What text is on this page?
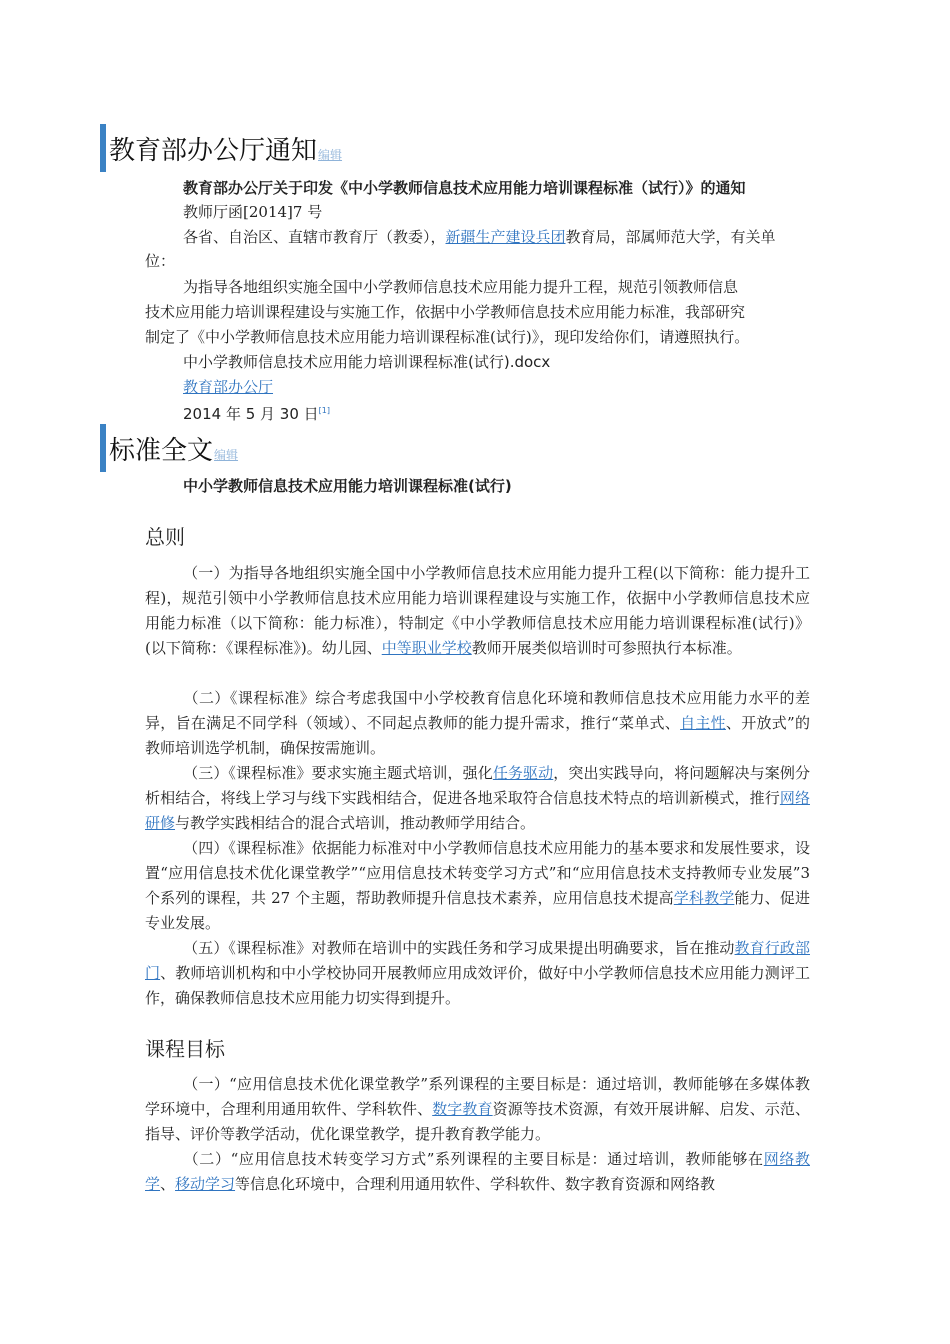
教育部办公厅通知 编辑
教育部办公厅关于印发《中小学教师信息技术应用能力培训课程标准（试行）》的通知
教师厅函[2014]7 号
各省、自治区、直辖市教育厅（教委），新疆生产建设兵团教育局，部属师范大学，有关单
位：
为指导各地组织实施全国中小学教师信息技术应用能力提升工程，规范引领教师信息
技术应用能力培训课程建设与实施工作，依据中小学教师信息技术应用能力标准，我部研究
制定了《中小学教师信息技术应用能力培训课程标准(试行)》，现印发给你们，请遵照执行。
中小学教师信息技术应用能力培训课程标准(试行).docx
教育部办公厅
2014 年 5 月 30 日[1]
标准全文 编辑
中小学教师信息技术应用能力培训课程标准(试行)
总则
（一）为指导各地组织实施全国中小学教师信息技术应用能力提升工程(以下简称：能力提升工程)，规范引领中小学教师信息技术应用能力培训课程建设与实施工作，依据中小学教师信息技术应用能力标准（以下简称：能力标准），特制定《中小学教师信息技术应用能力培训课程标准(试行)》(以下简称：《课程标准》)。幼儿园、中等职业学校教师开展类似培训时可参照执行本标准。
（二）《课程标准》综合考虑我国中小学校教育信息化环境和教师信息技术应用能力水平的差异，旨在满足不同学科（领域）、不同起点教师的能力提升需求，推行“菜单式、自主性、开放式”的教师培训选学机制，确保按需施训。
（三）《课程标准》要求实施主题式培训，强化任务驱动，突出实践导向，将问题解决与案例分析相结合，将线上学习与线下实践相结合，促进各地采取符合信息技术特点的培训新模式，推行网络研修与教学实践相结合的混合式培训，推动教师学用结合。
（四）《课程标准》依据能力标准对中小学教师信息技术应用能力的基本要求和发展性要求，设置“应用信息技术优化课堂教学”“应用信息技术转变学习方式”和“应用信息技术支持教师专业发展”3 个系列的课程，共 27 个主题，帮助教师提升信息技术素养，应用信息技术提高学科教学能力、促进专业发展。
（五）《课程标准》对教师在培训中的实践任务和学习成果提出明确要求，旨在推动教育行政部门、教师培训机构和中小学校协同开展教师应用成效评价，做好中小学教师信息技术应用能力测评工作，确保教师信息技术应用能力切实得到提升。
课程目标
（一）“应用信息技术优化课堂教学”系列课程的主要目标是：通过培训，教师能够在多媒体教学环境中，合理利用通用软件、学科软件、数字教育资源等技术资源，有效开展讲解、启发、示范、指导、评价等教学活动，优化课堂教学，提升教育教学能力。
（二）“应用信息技术转变学习方式”系列课程的主要目标是：通过培训，教师能够在网络教学、移动学习等信息化环境中，合理利用通用软件、学科软件、数字教育资源和网络教
